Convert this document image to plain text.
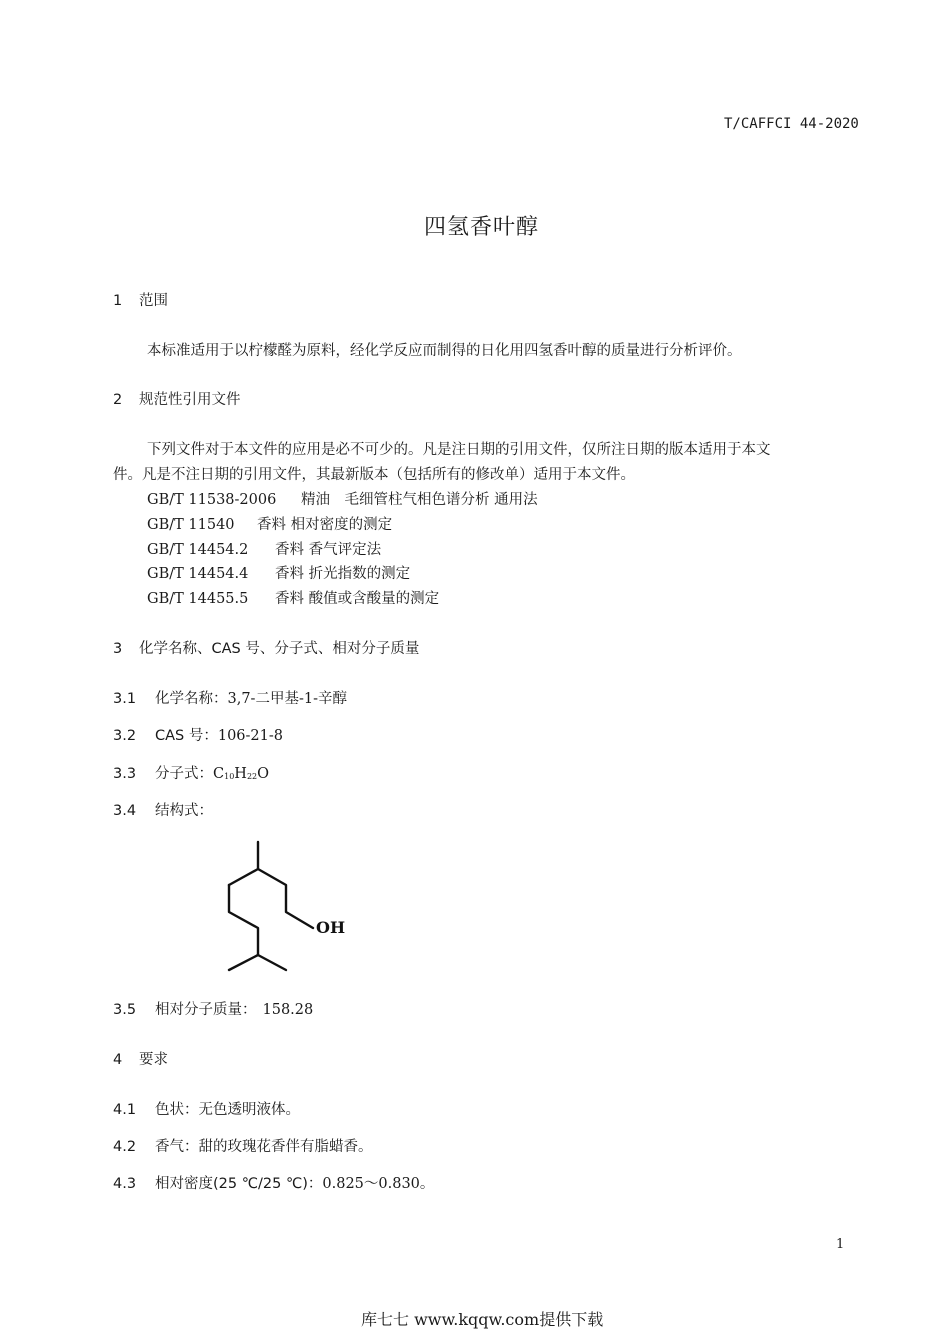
T/CAFFCI 44-2020
四氢香叶醇
1 范围
本标准适用于以柠檬醛为原料，经化学反应而制得的日化用四氢香叶醇的质量进行分析评价。
2 规范性引用文件
下列文件对于本文件的应用是必不可少的。凡是注日期的引用文件，仅所注日期的版本适用于本文
件。凡是不注日期的引用文件，其最新版本（包括所有的修改单）适用于本文件。
GB/T 11538-2006 精油　毛细管柱气相色谱分析 通用法
GB/T 11540 香料 相对密度的测定
GB/T 14454.2 香料 香气评定法
GB/T 14454.4 香料 折光指数的测定
GB/T 14455.5 香料 酸值或含酸量的测定
3 化学名称、CAS 号、分子式、相对分子质量
3.1 化学名称：3,7-二甲基-1-辛醇
3.2 CAS 号：106-21-8
3.3 分子式：$C_{10}H_{22}O$
3.4 结构式：
OH
3.5 相对分子质量： 158.28
4 要求
4.1 色状：无色透明液体。
4.2 香气：甜的玫瑰花香伴有脂蜡香。
4.3 相对密度(25 ℃/25 ℃)：0.825～0.830。
1
库七七 www.kqqw.com提供下载
